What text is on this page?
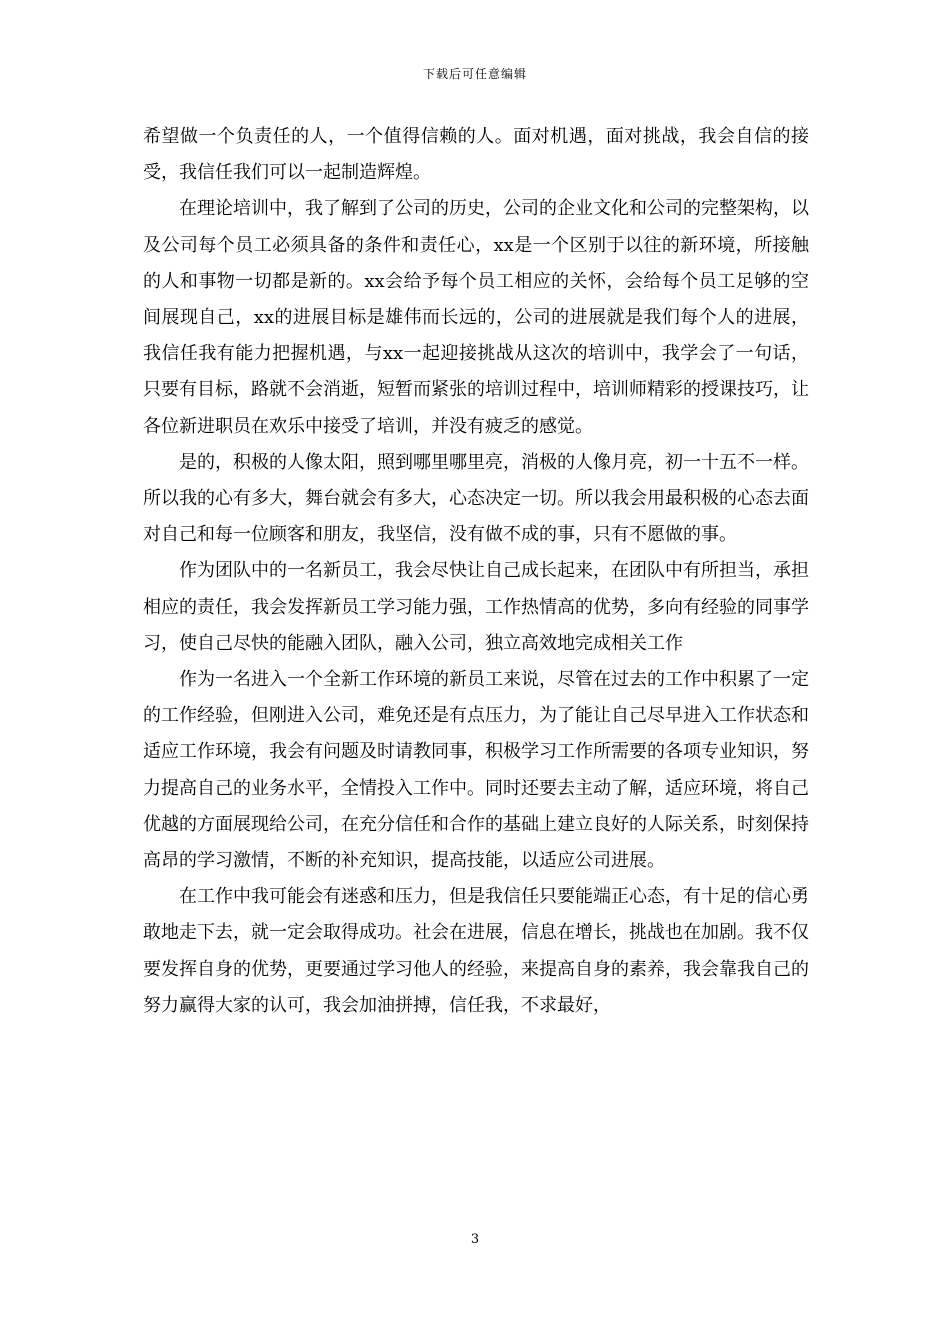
下载后可任意编辑

希望做一个负责任的人，一个值得信赖的人。面对机遇，面对挑战，我会自信的接受，我信任我们可以一起制造辉煌。

在理论培训中，我了解到了公司的历史，公司的企业文化和公司的完整架构，以及公司每个员工必须具备的条件和责任心，xx是一个区别于以往的新环境，所接触的人和事物一切都是新的。xx会给予每个员工相应的关怀，会给每个员工足够的空间展现自己，xx的进展目标是雄伟而长远的，公司的进展就是我们每个人的进展，我信任我有能力把握机遇，与xx一起迎接挑战从这次的培训中，我学会了一句话，只要有目标，路就不会消逝，短暂而紧张的培训过程中，培训师精彩的授课技巧，让各位新进职员在欢乐中接受了培训，并没有疲乏的感觉。

是的，积极的人像太阳，照到哪里哪里亮，消极的人像月亮，初一十五不一样。所以我的心有多大，舞台就会有多大，心态决定一切。所以我会用最积极的心态去面对自己和每一位顾客和朋友，我坚信，没有做不成的事，只有不愿做的事。

作为团队中的一名新员工，我会尽快让自己成长起来，在团队中有所担当，承担相应的责任，我会发挥新员工学习能力强，工作热情高的优势，多向有经验的同事学习，使自己尽快的能融入团队，融入公司，独立高效地完成相关工作

作为一名进入一个全新工作环境的新员工来说，尽管在过去的工作中积累了一定的工作经验，但刚进入公司，难免还是有点压力，为了能让自己尽早进入工作状态和适应工作环境，我会有问题及时请教同事，积极学习工作所需要的各项专业知识，努力提高自己的业务水平，全情投入工作中。同时还要去主动了解，适应环境，将自己优越的方面展现给公司，在充分信任和合作的基础上建立良好的人际关系，时刻保持高昂的学习激情，不断的补充知识，提高技能，以适应公司进展。

在工作中我可能会有迷惑和压力，但是我信任只要能端正心态，有十足的信心勇敢地走下去，就一定会取得成功。社会在进展，信息在增长，挑战也在加剧。我不仅要发挥自身的优势，更要通过学习他人的经验，来提高自身的素养，我会靠我自己的努力赢得大家的认可，我会加油拼搏，信任我，不求最好，

3
